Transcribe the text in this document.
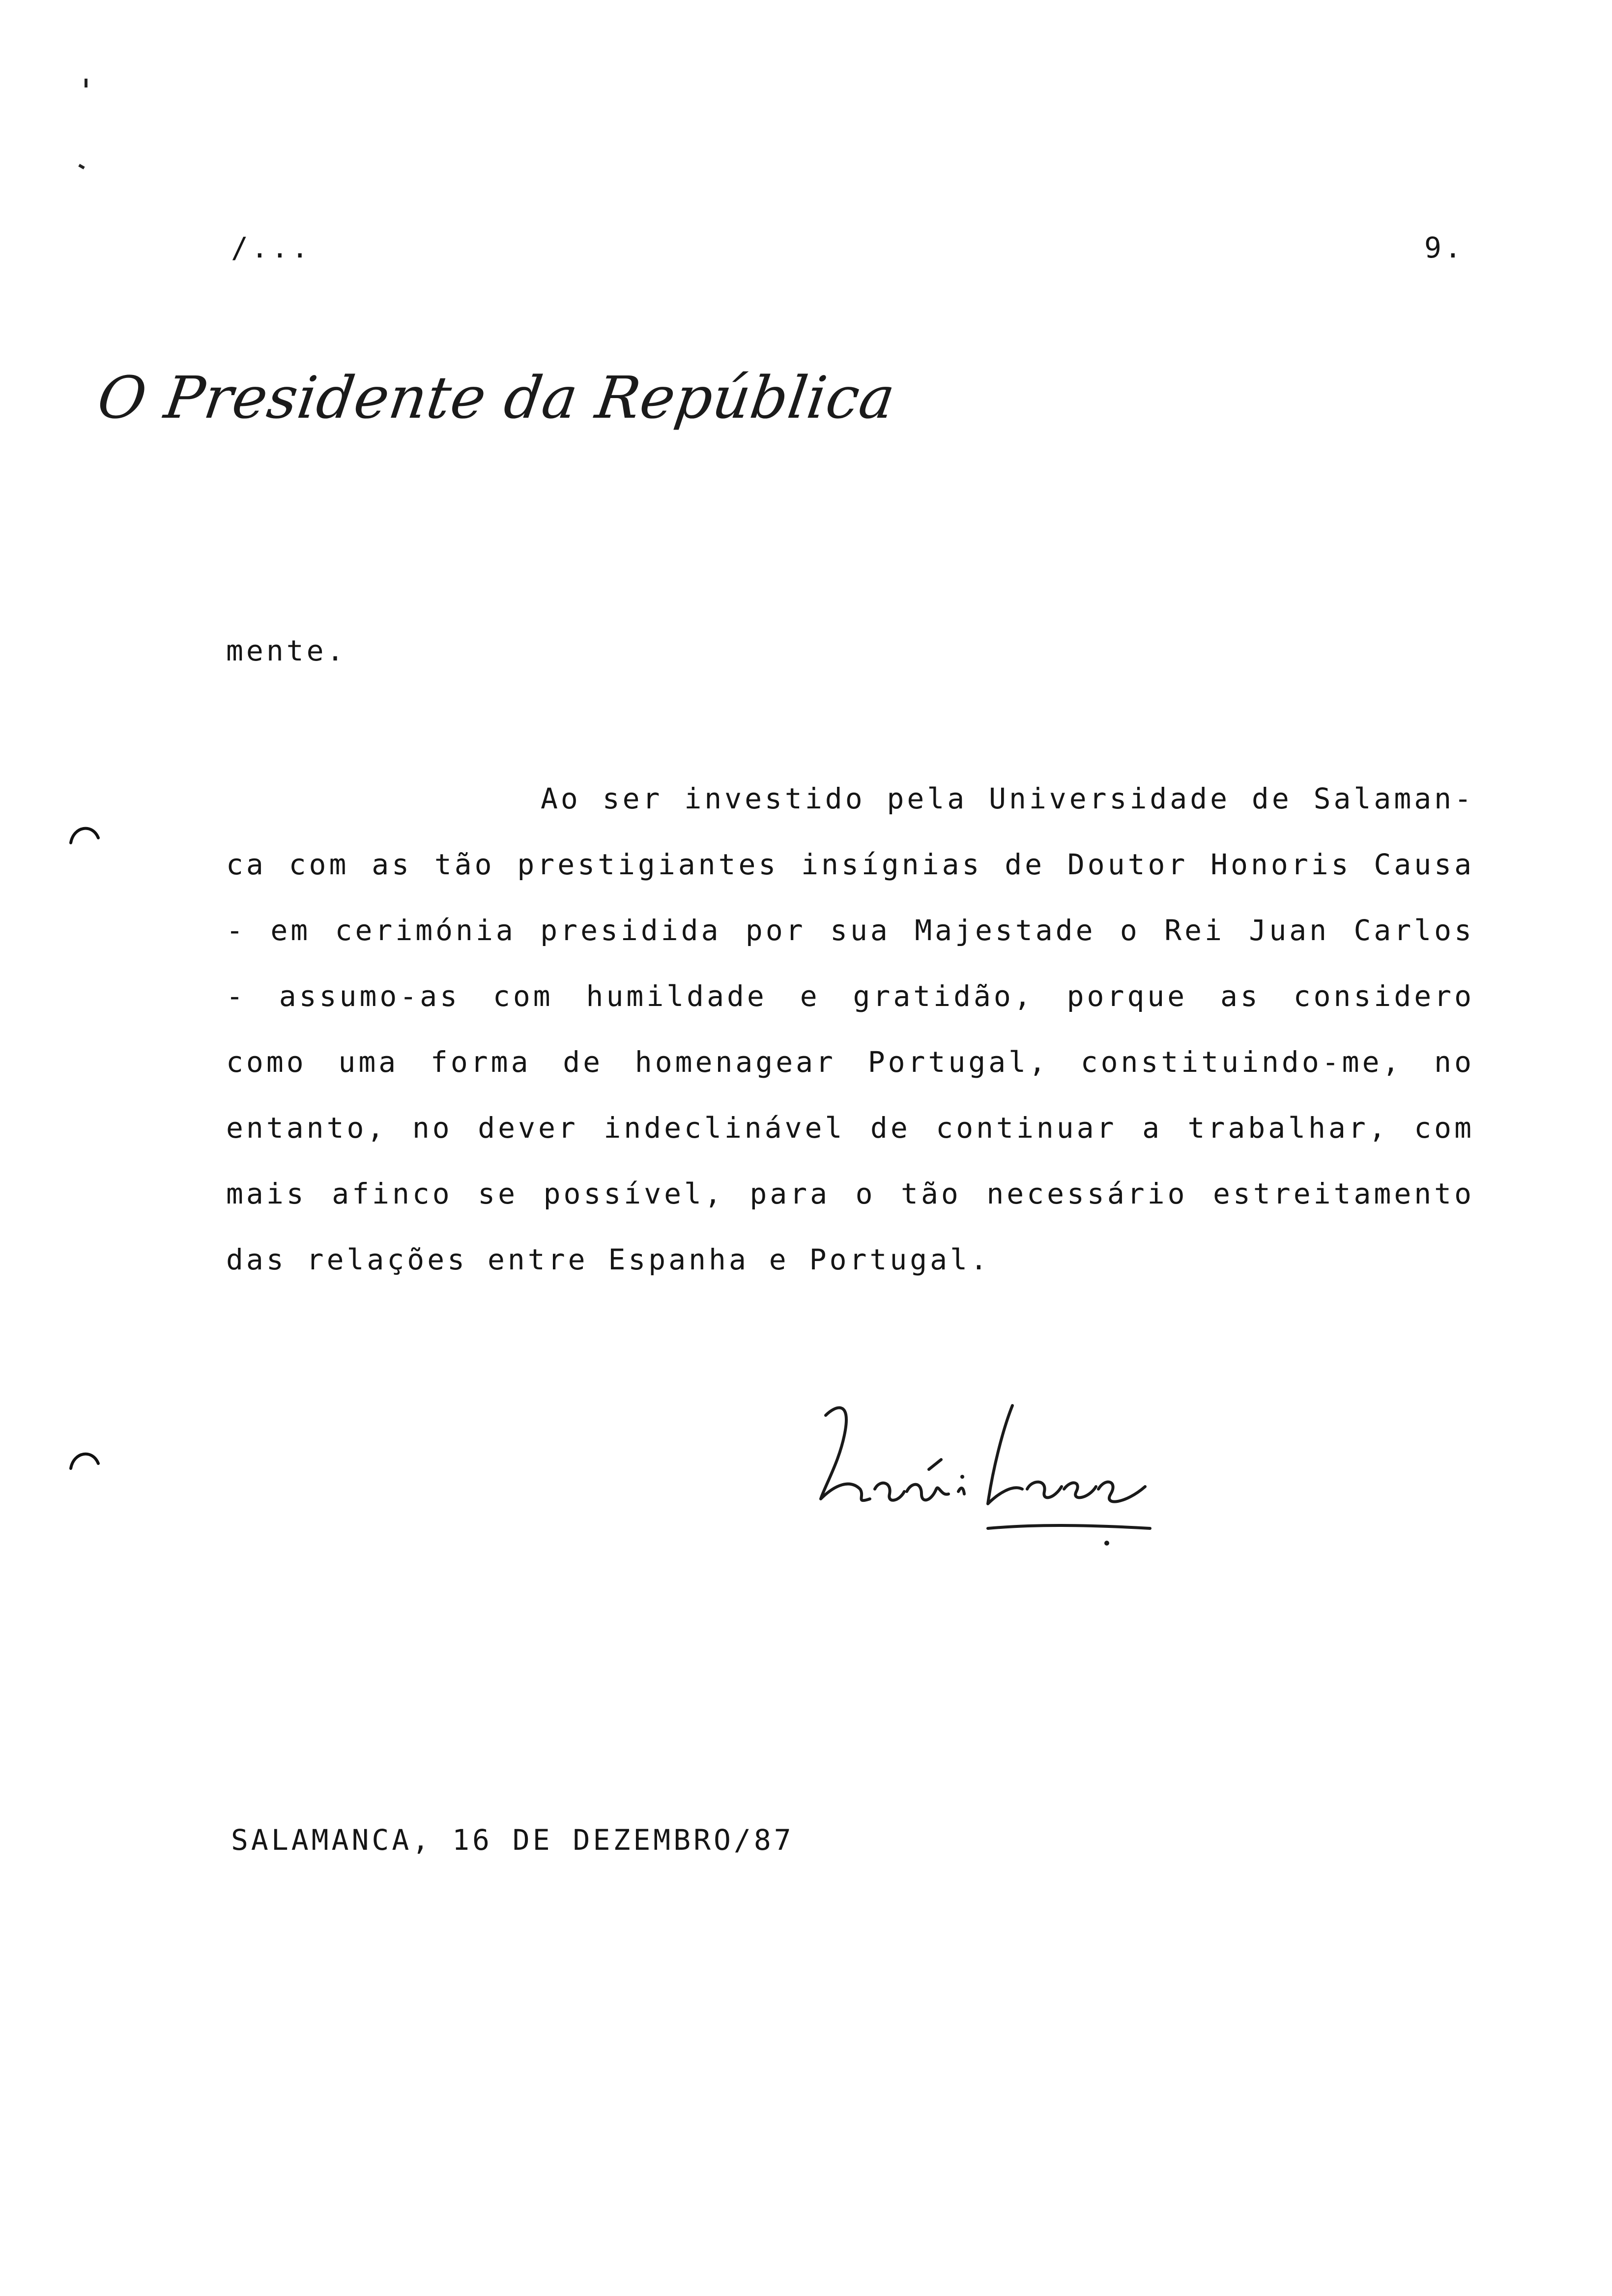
/...	9.
O Presidente da República
mente.
Ao ser investido pela Universidade de Salaman-
ca com as tão prestigiantes insígnias de Doutor Honoris Causa
- em cerimónia presidida por sua Majestade o Rei Juan Carlos
- assumo-as com humildade e gratidão, porque as considero
como uma forma de homenagear Portugal, constituindo-me, no
entanto, no dever indeclinável de continuar a trabalhar, com
mais afinco se possível, para o tão necessário estreitamento
das relações entre Espanha e Portugal.
SALAMANCA, 16 DE DEZEMBRO/87
